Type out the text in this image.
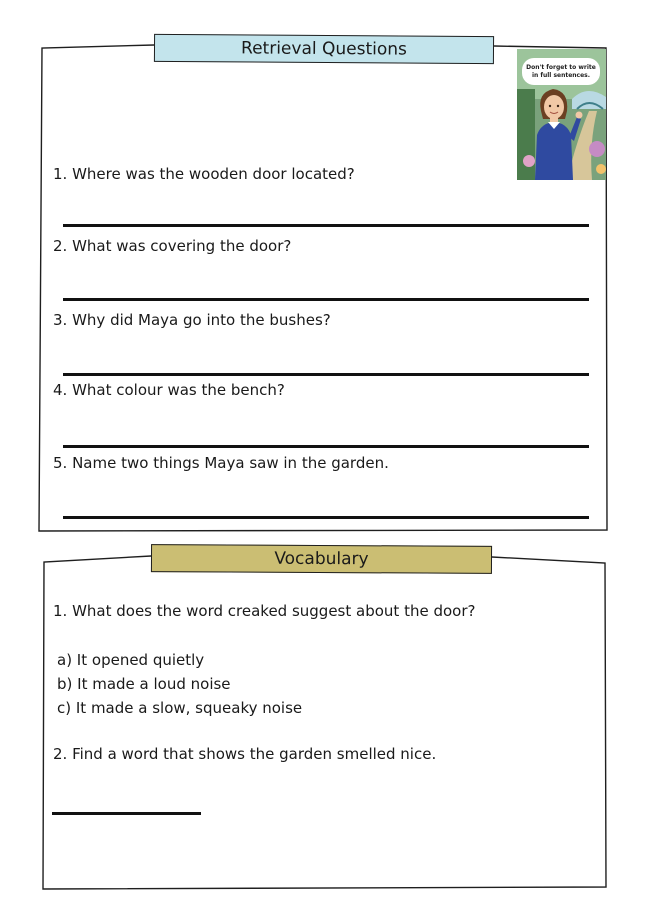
Retrieval Questions
Don't forget to write in full sentences.
1. Where was the wooden door located?
2. What was covering the door?
3. Why did Maya go into the bushes?
4. What colour was the bench?
5. Name two things Maya saw in the garden.
Vocabulary
1. What does the word creaked suggest about the door?
a) It opened quietly
b) It made a loud noise
c) It made a slow, squeaky noise
2. Find a word that shows the garden smelled nice.
